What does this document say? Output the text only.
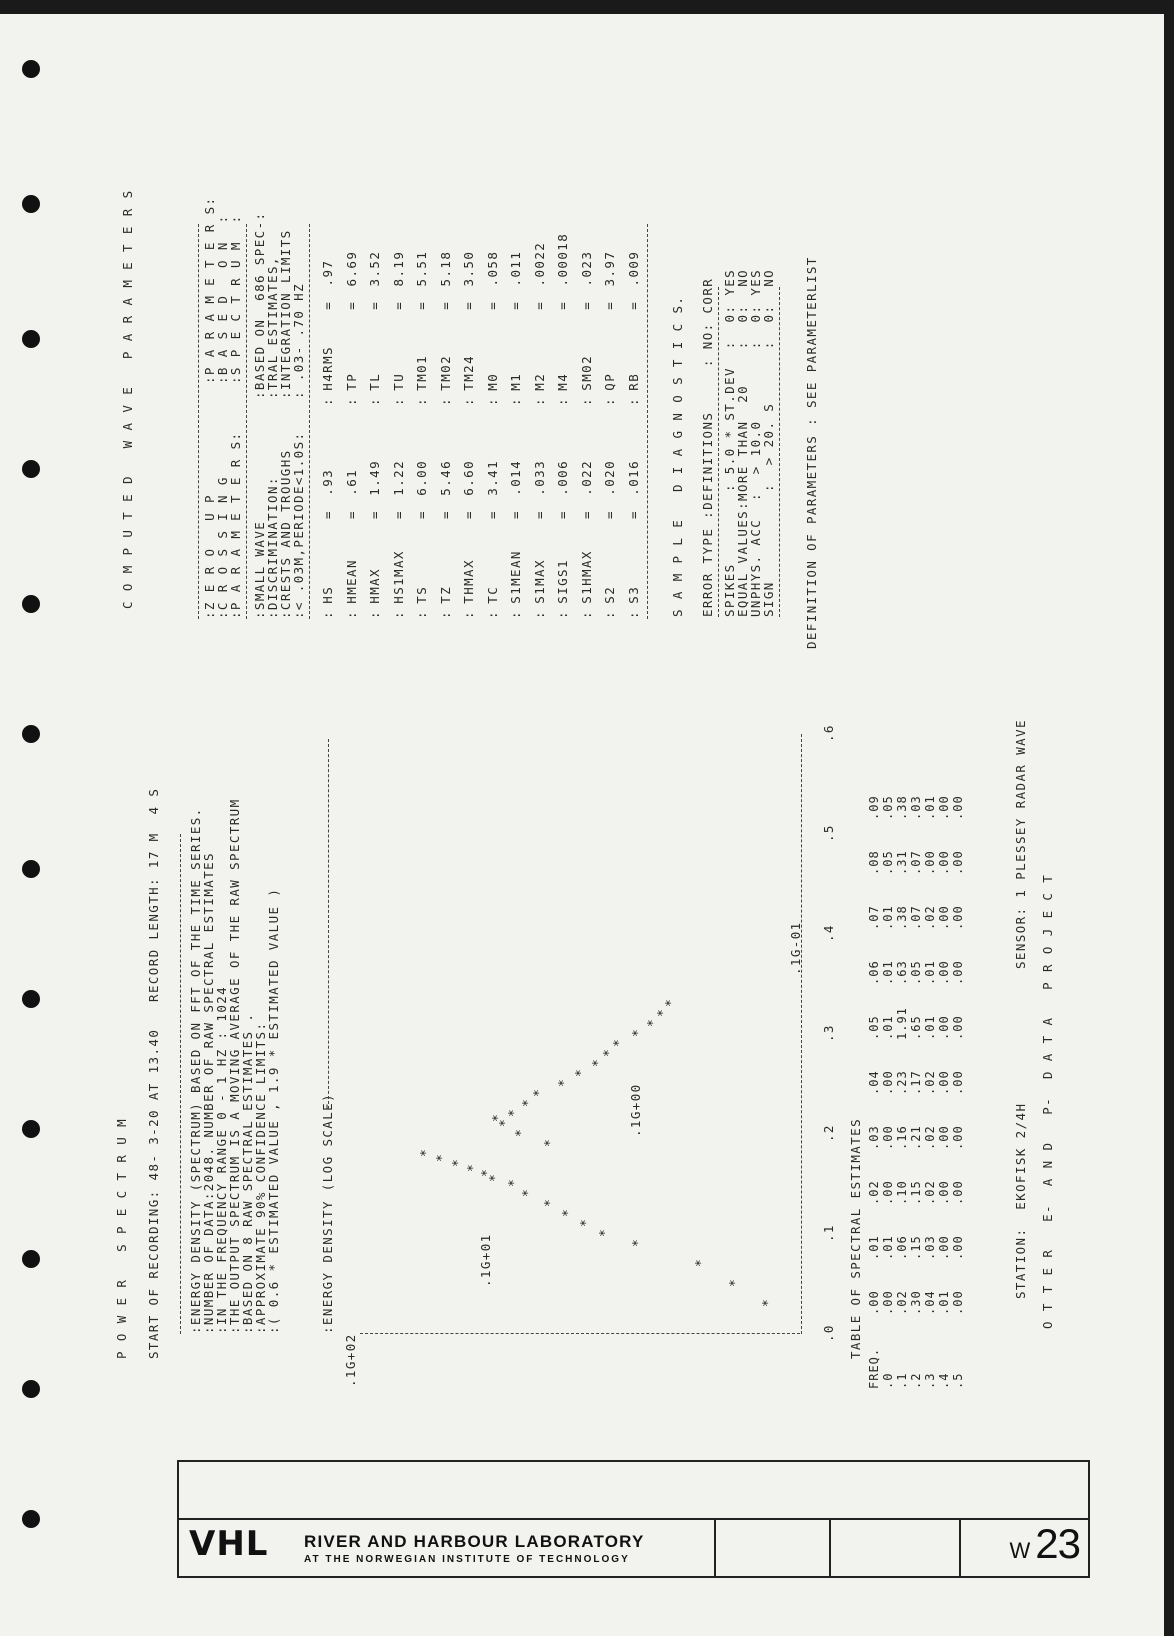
P O W E R   S P E C T R U M START OF RECORDING: 48- 3-20 AT 13.40   RECORD LENGTH: 17 M  4 S :ENERGY DENSITY (SPECTRUM) BASED ON FFT OF THE TIME SERIES.
:NUMBER OF DATA:2048. NUMBER OF RAW SPECTRAL ESTIMATES
:IN THE FREQUENCY RANGE 0 - 1 HZ : 1024
:THE OUTPUT SPECTRUM IS A MOVING AVERAGE OF THE RAW SPECTRUM
:BASED ON 8 RAW SPECTRAL ESTIMATES .
:APPROXIMATE 90% CONFIDENCE LIMITS:
:( 0.6 * ESTIMATED VALUE , 1.9 * ESTIMATED VALUE )	:ENERGY DENSITY (LOG SCALE)
.1G+02
.1G+01
.1G+00
.1G-01
*
*
*
*
*
*
*
*
*
*
*
*
*
*
*
*
*
*
*
*
*
*
*
*
*
*
*
*
*
*
*
*
.0
.1
.2
.3
.4
.5
.6
TABLE OF SPECTRAL ESTIMATES
FREQ.	.00	.01	.02	.03	.04	.05	.06	.07	.08	.09
.0	.00	.01	.00	.00	.00	.01	.01	.01	.05	.05
.1	.02	.06	.10	.16	.23	1.91	.63	.38	.31	.38
.2	.30	.15	.15	.21	.17	.65	.05	.07	.07	.03
.3	.04	.03	.02	.02	.02	.01	.01	.02	.00	.01
.4	.01	.00	.00	.00	.00	.00	.00	.00	.00	.00
.5	.00	.00	.00	.00	.00	.00	.00	.00	.00	.00
STATION:  EKOFISK 2/4H
SENSOR: 1 PLESSEY RADAR WAVE
O T T E R   E-  A N D   P-  D A T A   P R O J E C T
C O M P U T E D   W A V E   P A R A M E T E R S	:Z E R O   U P
:C R O S S I N G
:P A R A M E T E R S:
:P A R A M E T E R S:
:B A S E D   O N  :
:S P E C T R U M  :
:SMALL WAVE
:DISCRIMINATION:
:CRESTS AND TROUGHS
:< .03M,PERIODE<1.0S:
:BASED ON  686 SPEC-:
:TRAL ESTIMATES,
:INTEGRATION LIMITS
: .03- .70 HZ
:	HS	=	.93	:	H4RMS	=	.97
:	HMEAN	=	.61	:	TP	=	6.69
:	HMAX	=	1.49	:	TL	=	3.52
:	HS1MAX	=	1.22	:	TU	=	8.19
:	TS	=	6.00	:	TM01	=	5.51
:	TZ	=	5.46	:	TM02	=	5.18
:	THMAX	=	6.60	:	TM24	=	3.50
:	TC	=	3.41	:	M0	=	.058
:	S1MEAN	=	.014	:	M1	=	.011
:	S1MAX	=	.033	:	M2	=	.0022
:	SIGS1	=	.006	:	M4	=	.00018
:	S1HMAX	=	.022	:	SM02	=	.023
:	S2	=	.020	:	QP	=	3.97
:	S3	=	.016	:	RB	=	.009
S A M P L E   D I A G N O S T I C S. ERROR TYPE :DEFINITIONS     : NO: CORR SPIKES        : 5.0 * ST.DEV  :  0: YES
EQUAL VALUES:MORE THAN  20    :  0:  NO
UNPHYS. ACC  :  > 10.0        :  0: YES
SIGN          :  > 20. S      :  0:  NO DEFINITION OF PARAMETERS : SEE PARAMETERLIST
VHL RIVER AND HARBOUR LABORATORY
AT THE NORWEGIAN INSTITUTE OF TECHNOLOGY	W 23
